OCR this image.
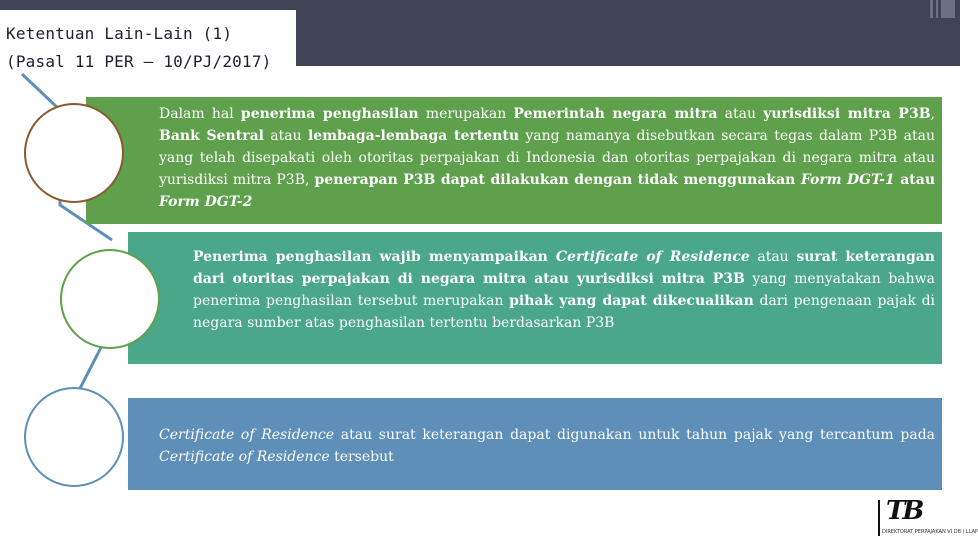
Ketentuan Lain-Lain (1)
(Pasal 11 PER – 10/PJ/2017)
Dalam hal penerima penghasilan merupakan Pemerintah negara mitra atau yurisdiksi mitra P3B, Bank Sentral atau lembaga-lembaga tertentu yang namanya disebutkan secara tegas dalam P3B atau yang telah disepakati oleh otoritas perpajakan di Indonesia dan otoritas perpajakan di negara mitra atau yurisdiksi mitra P3B, penerapan P3B dapat dilakukan dengan tidak menggunakan Form DGT-1 atau Form DGT-2
Penerima penghasilan wajib menyampaikan Certificate of Residence atau surat keterangan dari otoritas perpajakan di negara mitra atau yurisdiksi mitra P3B yang menyatakan bahwa penerima penghasilan tersebut merupakan pihak yang dapat dikecualikan dari pengenaan pajak di negara sumber atas penghasilan tertentu berdasarkan P3B
Certificate of Residence atau surat keterangan dapat digunakan untuk tahun pajak yang tercantum pada Certificate of Residence tersebut
TB
DIREKTORAT PERPAJAKAN VI DB | LLAP
